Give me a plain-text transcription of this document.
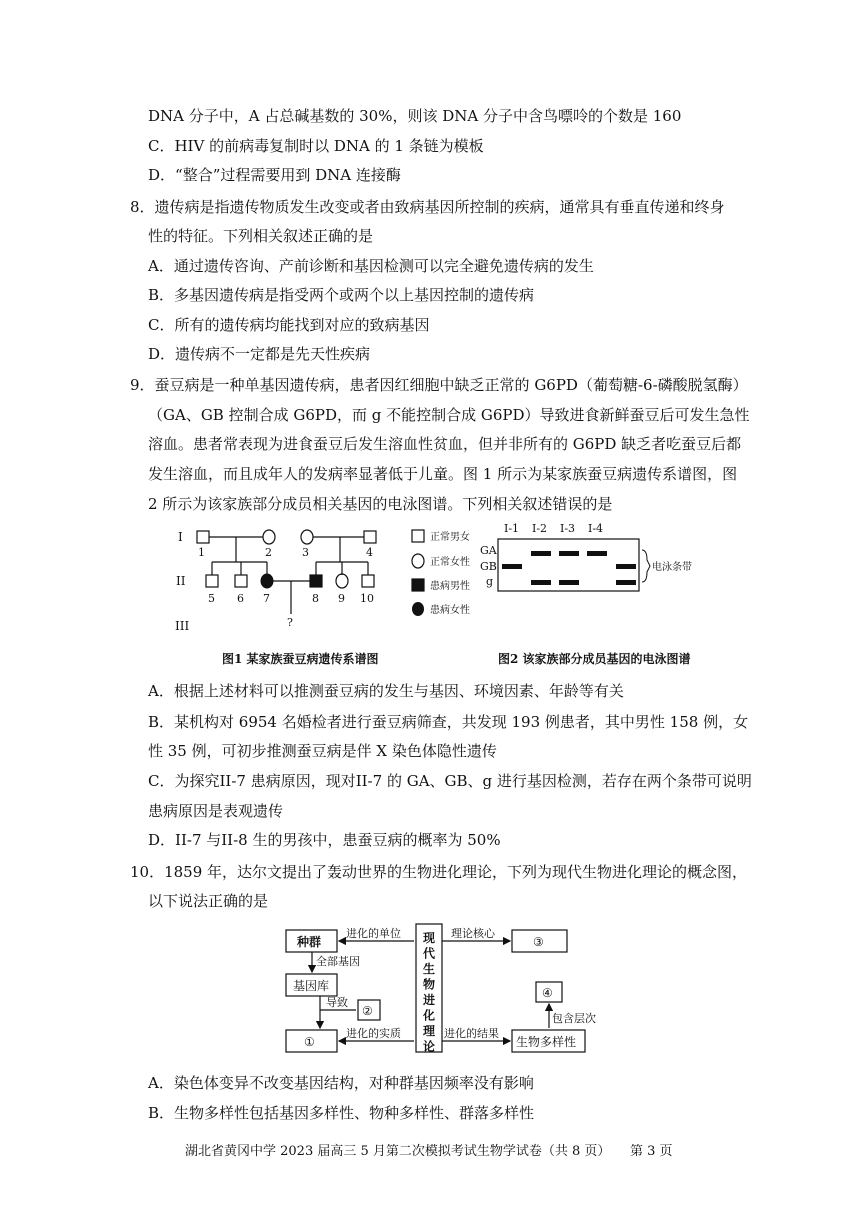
DNA 分子中，A 占总碱基数的 30%，则该 DNA 分子中含鸟嘌呤的个数是 160
C．HIV 的前病毒复制时以 DNA 的 1 条链为模板
D．“整合”过程需要用到 DNA 连接酶
8．遗传病是指遗传物质发生改变或者由致病基因所控制的疾病，通常具有垂直传递和终身
性的特征。下列相关叙述正确的是
A．通过遗传咨询、产前诊断和基因检测可以完全避免遗传病的发生
B．多基因遗传病是指受两个或两个以上基因控制的遗传病
C．所有的遗传病均能找到对应的致病基因
D．遗传病不一定都是先天性疾病
9．蚕豆病是一种单基因遗传病，患者因红细胞中缺乏正常的 G6PD（葡萄糖-6-磷酸脱氢酶）
（GA、GB 控制合成 G6PD，而 g 不能控制合成 G6PD）导致进食新鲜蚕豆后可发生急性
溶血。患者常表现为进食蚕豆后发生溶血性贫血，但并非所有的 G6PD 缺乏者吃蚕豆后都
发生溶血，而且成年人的发病率显著低于儿童。图 1 所示为某家族蚕豆病遗传系谱图，图
2 所示为该家族部分成员相关基因的电泳图谱。下列相关叙述错误的是
I
II
III
1	2	3	4
5 6 7	8 9 10
?
正常男女
正常女性
患病男性
患病女性
I-1 I-2 I-3 I-4
GA
GB
g
电泳条带
图1 某家族蚕豆病遗传系谱图	图2 该家族部分成员基因的电泳图谱
A．根据上述材料可以推测蚕豆病的发生与基因、环境因素、年龄等有关
B．某机构对 6954 名婚检者进行蚕豆病筛查，共发现 193 例患者，其中男性 158 例，女
性 35 例，可初步推测蚕豆病是伴 X 染色体隐性遗传
C．为探究II-7 患病原因，现对II-7 的 GA、GB、g 进行基因检测，若存在两个条带可说明
患病原因是表观遗传
D．II-7 与II-8 生的男孩中，患蚕豆病的概率为 50%
10．1859 年，达尔文提出了轰动世界的生物进化理论，下列为现代生物进化理论的概念图，
以下说法正确的是
种群
基因库
②
①
③
④
生物多样性
进化的单位
全部基因
导致
进化的实质
理论核心
进化的结果
包含层次
现
代
生
物
进
化
理
论
A．染色体变异不改变基因结构，对种群基因频率没有影响
B．生物多样性包括基因多样性、物种多样性、群落多样性
湖北省黄冈中学 2023 届高三 5 月第二次模拟考试生物学试卷（共 8 页） 第 3 页
